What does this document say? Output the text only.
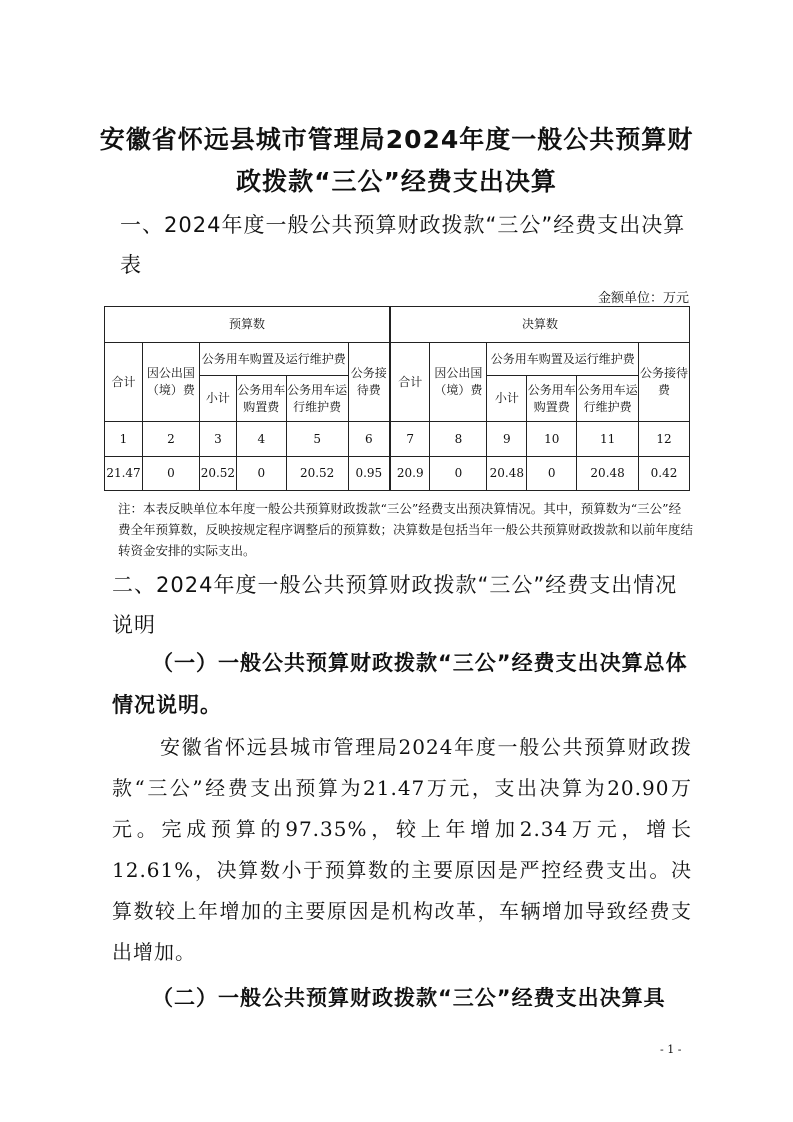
安徽省怀远县城市管理局2024年度一般公共预算财
政拨款“三公”经费支出决算
一、2024年度一般公共预算财政拨款“三公”经费支出决算表
金额单位：万元
预算数						决算数					
合计	因公出国（境）费	公务用车购置及运行维护费			公务接待费	合计	因公出国（境）费	公务用车购置及运行维护费			公务接待费
		小计	公务用车购置费	公务用车运行维护费				小计	公务用车购置费	公务用车运行维护费	
1	2	3	4	5	6	7	8	9	10	11	12
21.47	0	20.52	0	20.52	0.95	20.9	0	20.48	0	20.48	0.42
注：本表反映单位本年度一般公共预算财政拨款“三公”经费支出预决算情况。其中，预算数为“三公”经费全年预算数，反映按规定程序调整后的预算数；决算数是包括当年一般公共预算财政拨款和以前年度结转资金安排的实际支出。
二、2024年度一般公共预算财政拨款“三公”经费支出情况说明
（一）一般公共预算财政拨款“三公”经费支出决算总体情况说明。
安徽省怀远县城市管理局2024年度一般公共预算财政拨款“三公”经费支出预算为21.47万元，支出决算为20.90万元。完成预算的97.35%，较上年增加2.34万元，增长12.61%，决算数小于预算数的主要原因是严控经费支出。决算数较上年增加的主要原因是机构改革，车辆增加导致经费支出增加。
（二）一般公共预算财政拨款“三公”经费支出决算具
- 1 -
